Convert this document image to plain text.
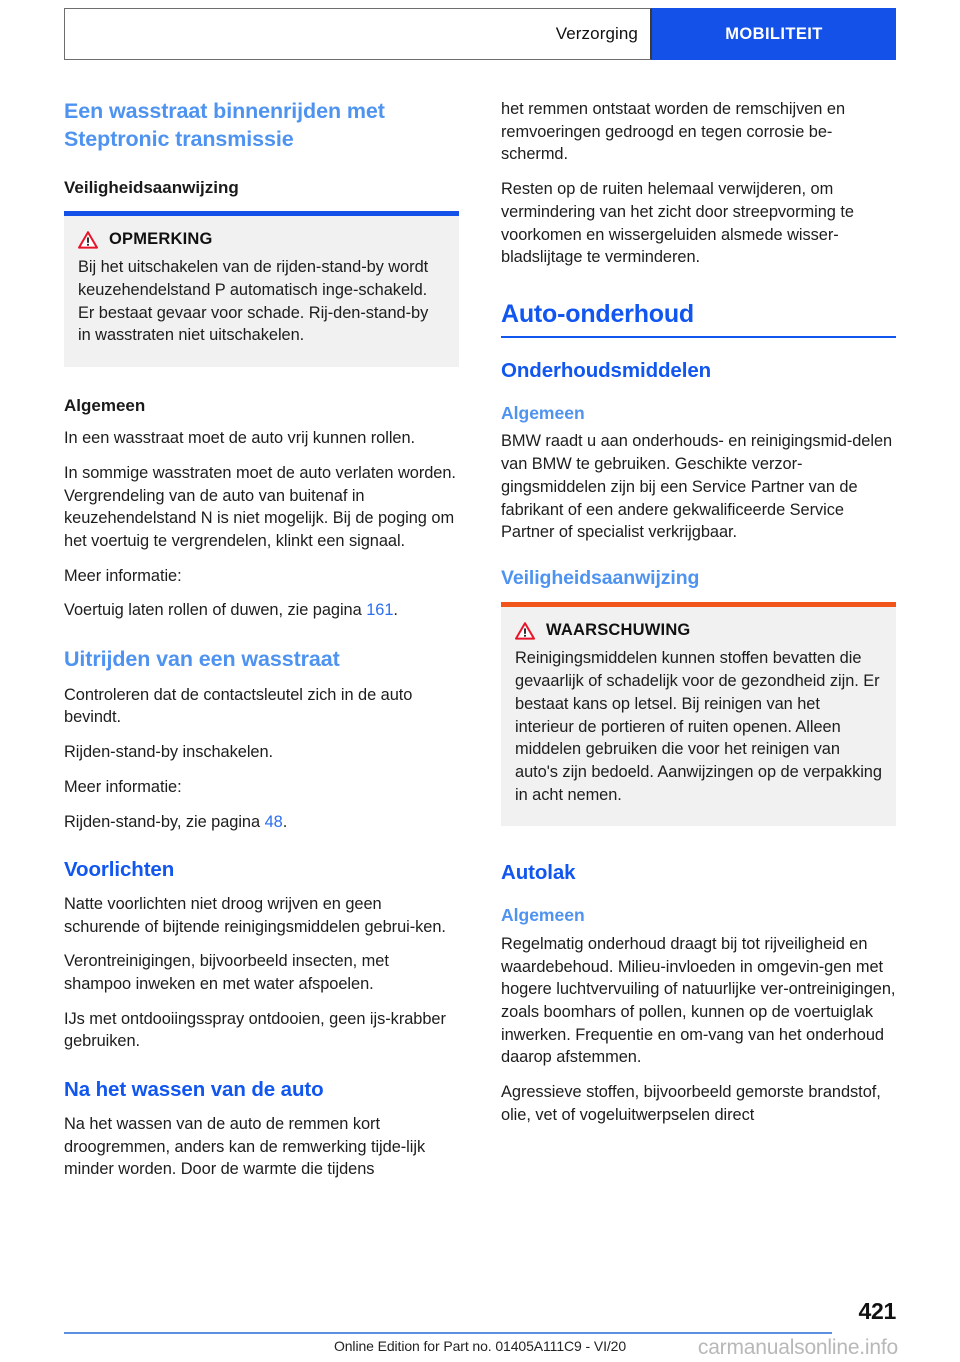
Verzorging	MOBILITEIT
Een wasstraat binnenrijden met Steptronic transmissie
Veiligheidsaanwijzing
OPMERKING

Bij het uitschakelen van de rijden-stand-by wordt keuzehendelstand P automatisch inge-schakeld. Er bestaat gevaar voor schade. Rij-den-stand-by in wasstraten niet uitschakelen.

Algemeen

In een wasstraat moet de auto vrij kunnen rollen.

In sommige wasstraten moet de auto verlaten worden. Vergrendeling van de auto van buitenaf in keuzehendelstand N is niet mogelijk. Bij de poging om het voertuig te vergrendelen, klinkt een signaal.

Meer informatie:

Voertuig laten rollen of duwen, zie pagina 161.

Uitrijden van een wasstraat

Controleren dat de contactsleutel zich in de auto bevindt.

Rijden-stand-by inschakelen.

Meer informatie:

Rijden-stand-by, zie pagina 48.

Voorlichten

Natte voorlichten niet droog wrijven en geen schurende of bijtende reinigingsmiddelen gebrui-ken.

Verontreinigingen, bijvoorbeeld insecten, met shampoo inweken en met water afspoelen.

IJs met ontdooiingsspray ontdooien, geen ijs-krabber gebruiken.

Na het wassen van de auto

Na het wassen van de auto de remmen kort droogremmen, anders kan de remwerking tijde-lijk minder worden. Door de warmte die tijdens

het remmen ontstaat worden de remschijven en remvoeringen gedroogd en tegen corrosie be-schermd.

Resten op de ruiten helemaal verwijderen, om vermindering van het zicht door streepvorming te voorkomen en wissergeluiden alsmede wisser-bladslijtage te verminderen.

Auto-onderhoud
Onderhoudsmiddelen
Algemeen

BMW raadt u aan onderhouds- en reinigingsmid-delen van BMW te gebruiken. Geschikte verzor-gingsmiddelen zijn bij een Service Partner van de fabrikant of een andere gekwalificeerde Service Partner of specialist verkrijgbaar.

Veiligheidsaanwijzing
WAARSCHUWING

Reinigingsmiddelen kunnen stoffen bevatten die gevaarlijk of schadelijk voor de gezondheid zijn. Er bestaat kans op letsel. Bij reinigen van het interieur de portieren of ruiten openen. Alleen middelen gebruiken die voor het reinigen van auto's zijn bedoeld. Aanwijzingen op de verpakking in acht nemen.

Autolak
Algemeen

Regelmatig onderhoud draagt bij tot rijveiligheid en waardebehoud. Milieu-invloeden in omgevin-gen met hogere luchtvervuiling of natuurlijke ver-ontreinigingen, zoals boomhars of pollen, kunnen op de voertuiglak inwerken. Frequentie en om-vang van het onderhoud daarop afstemmen.

Agressieve stoffen, bijvoorbeeld gemorste brandstof, olie, vet of vogeluitwerpselen direct

421
Online Edition for Part no. 01405A111C9 - VI/20	carmanualsonline.info
